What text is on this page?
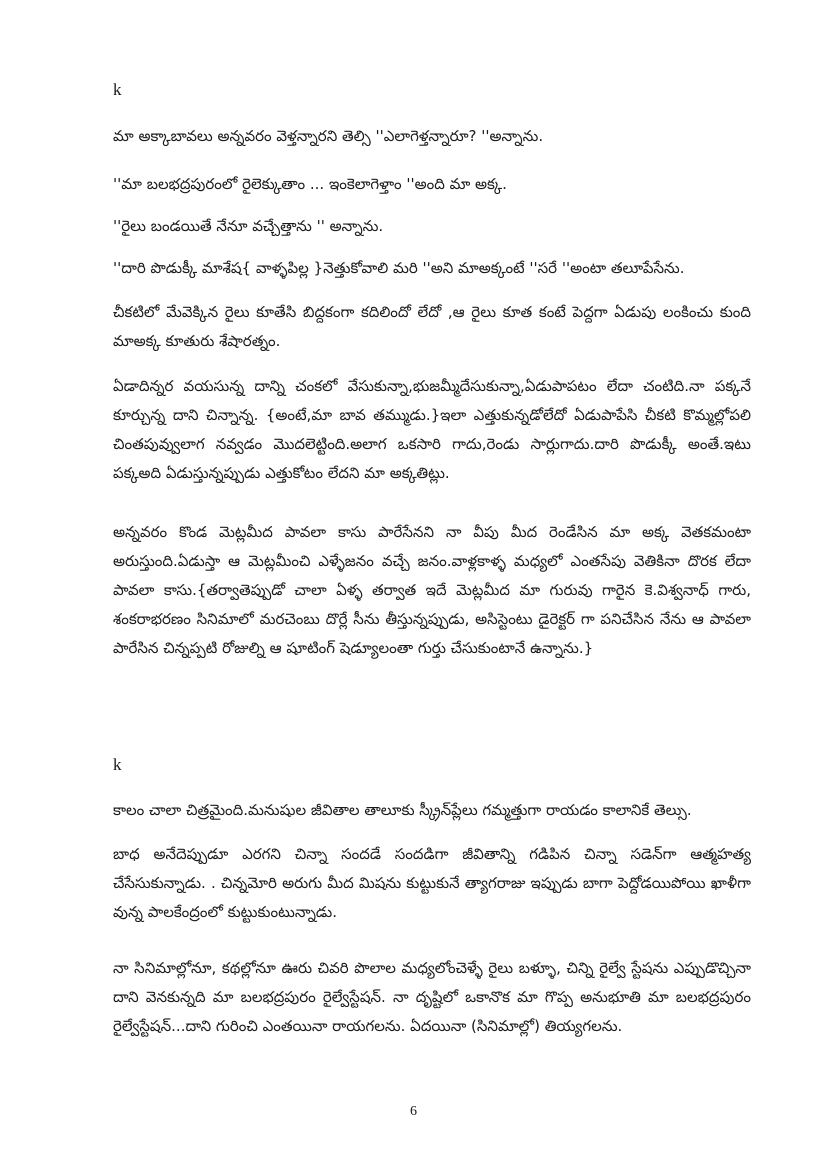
k

మా అక్కాబావలు అన్నవరం వెళ్తన్నారని తెల్సి ''ఎలాగెళ్తన్నారూ? ''అన్నాను.

''మా బలభద్రపురంలో రైలెక్కుతాం ... ఇంకెలాగెళ్తాం ''అంది మా అక్క.

''రైలు బండయితే నేనూ వచ్చేత్తాను '' అన్నాను.

''దారి పొడుక్కీ మాశేష{ వాళ్ళపిల్ల }నెత్తుకోవాలి మరి ''అని మాఅక్కంటే ''సరే ''అంటా తలూపేసేను.

చీకటిలో మేవెక్కిన రైలు కూతేసి బిద్దకంగా కదిలిందో లేదో ,ఆ రైలు కూత కంటే పెద్దగా ఏడుపు లంకించు కుంది మాఅక్క కూతురు శేషారత్నం.

ఏడాదిన్నర వయసున్న దాన్ని చంకలో వేసుకున్నా,భుజమ్మీదేసుకున్నా,ఏడుపాపటం లేదా చంటిది.నా పక్కనే కూర్చున్న దాని చిన్నాన్న. {అంటే,మా బావ తమ్ముడు.}ఇలా ఎత్తుకున్నడోలేదో ఏడుపాపేసి చీకటి కొమ్మల్లోపలి చింతపువ్వులాగ నవ్వడం మొదలెట్టింది.అలాగ ఒకసారి గాదు,రెండు సార్లుగాదు.దారి పొడుక్కీ అంతే.ఇటు పక్కఅది ఏడుస్తున్నప్పుడు ఎత్తుకోటం లేదని మా అక్కతిట్లు.

అన్నవరం కొండ మెట్లమీద పావలా కాసు పారేసేనని నా వీపు మీద రెండేసిన మా అక్క వెతకమంటా అరుస్తుంది.ఏడుస్తా ఆ మెట్లమీంచి ఎళ్ళేజనం వచ్చే జనం.వాళ్లకాళ్ళ మధ్యలో ఎంతసేపు వెతికినా దొరక లేదా పావలా కాసు.{తర్వాతెప్పుడో చాలా ఏళ్ళ తర్వాత ఇదే మెట్లమీద మా గురువు గారైన కె.విశ్వనాధ్ గారు, శంకరాభరణం సినిమాలో మరచెంబు దొర్లే సీను తీస్తున్నప్పుడు, అసిస్టెంటు డైరెక్టర్ గా పనిచేసిన నేను ఆ పావలా పారేసిన చిన్నప్పటి రోజుల్ని ఆ షూటింగ్ షెడ్యూలంతా గుర్తు చేసుకుంటానే ఉన్నాను.}

k

కాలం చాలా చిత్రమైంది.మనుషుల జీవితాల తాలూకు స్క్రీన్‌ప్లేలు గమ్మత్తుగా రాయడం కాలానికే తెల్సు.

బాధ అనేదెప్పుడూ ఎరగని చిన్నా సందడే సందడిగా జీవితాన్ని గడిపిన చిన్నా సడెన్‌గా ఆత్మహత్య చేసేసుకున్నాడు. . చిన్నమోరి అరుగు మీద మిషను కుట్టుకునే త్యాగరాజు ఇప్పుడు బాగా పెద్దోడయిపోయి ఖాళీగా వున్న పాలకేంద్రంలో కుట్టుకుంటున్నాడు.

నా సినిమాల్లోనూ, కథల్లోనూ ఊరు చివరి పొలాల మధ్యలోంచెళ్ళే రైలు బళ్ళూ, చిన్ని రైల్వే స్టేషను ఎప్పుడొచ్చినా దాని వెనకున్నది మా బలభద్రపురం రైల్వేస్టేషన్. నా దృష్టిలో ఒకానొక మా గొప్ప అనుభూతి మా బలభద్రపురం రైల్వేస్టేషన్...దాని గురించి ఎంతయినా రాయగలను. ఏదయినా (సినిమాల్లో) తియ్యగలను.

6
